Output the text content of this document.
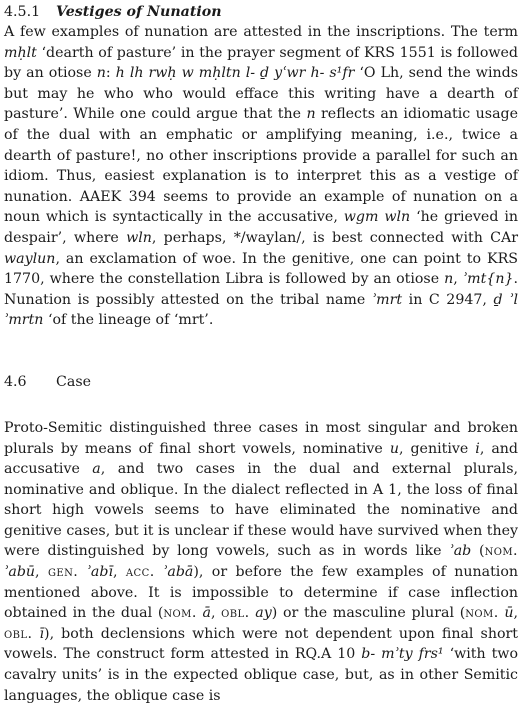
4.5.1 Vestiges of Nunation

A few examples of nunation are attested in the inscriptions. The term mḥlt ‘dearth of pasture’ in the prayer segment of KRS 1551 is followed by an otiose n: h lh rwḥ w mḥltn l- ḏ yʿwr h- s¹fr ‘O Lh, send the winds but may he who who would efface this writing have a dearth of pasture’. While one could argue that the n reflects an idiomatic usage of the dual with an emphatic or amplifying meaning, i.e., twice a dearth of pasture!, no other inscriptions provide a parallel for such an idiom. Thus, easiest explanation is to interpret this as a vestige of nunation. AAEK 394 seems to provide an example of nunation on a noun which is syntactically in the accusative, wgm wln ‘he grieved in despair’, where wln, perhaps, */waylan/, is best connected with CAr waylun, an exclamation of woe. In the genitive, one can point to KRS 1770, where the constellation Libra is followed by an otiose n, ʾmt{n}. Nunation is possibly attested on the tribal name ʾmrt in C 2947, ḏ ʾl ʾmrtn ‘of the lineage of ‘mrt’.

4.6 Case

Proto-Semitic distinguished three cases in most singular and broken plurals by means of final short vowels, nominative u, genitive i, and accusative a, and two cases in the dual and external plurals, nominative and oblique. In the dialect reflected in A 1, the loss of final short high vowels seems to have eliminated the nominative and genitive cases, but it is unclear if these would have survived when they were distinguished by long vowels, such as in words like ʾab (nom. ʾabū, gen. ʾabī, acc. ʾabā), or before the few examples of nunation mentioned above. It is impossible to determine if case inflection obtained in the dual (nom. ā, obl. ay) or the masculine plural (nom. ū, obl. ī), both declensions which were not dependent upon final short vowels. The construct form attested in RQ.A 10 b- mʾty frs¹ ‘with two cavalry units’ is in the expected oblique case, but, as in other Semitic languages, the oblique case is
